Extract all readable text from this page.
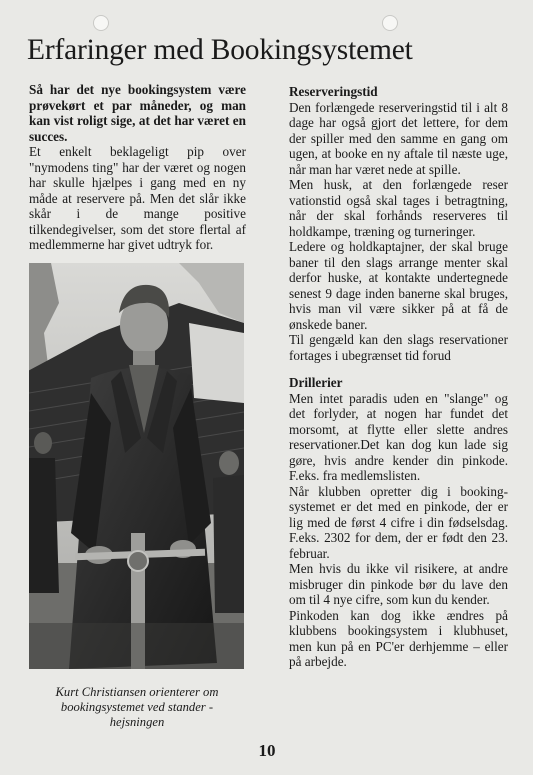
Erfaringer med Bookingsystemet

Så har det nye bookingsystem være prøvekørt et par måneder, og man kan vist roligt sige, at det har været en succes.

Et enkelt beklageligt pip over "nymodens ting" har der været og nogen har skulle hjælpes i gang med en ny måde at reservere på. Men det slår ikke skår i de mange positive tilkendegivelser, som det store flertal af medlemmerne har givet udtryk for.

Kurt Christiansen orienterer om bookingsystemet ved stander - hejsningen

Reserveringstid

Den forlængede reserveringstid til i alt 8 dage har også gjort det lettere, for dem der spiller med den samme en gang om ugen, at booke en ny aftale til næste uge, når man har været nede at spille.

Men husk, at den forlængede reser vationstid også skal tages i betragtning, når der skal forhånds reserveres til holdkampe, træning og turneringer.

Ledere og holdkaptajner, der skal bruge baner til den slags arrange menter skal derfor huske, at kontakte undertegnede senest 9 dage inden banerne skal bruges, hvis man vil være sikker på at få de ønskede baner.

Til gengæld kan den slags reservationer fortages i ubegrænset tid forud

Drillerier

Men intet paradis uden en "slange" og det forlyder, at nogen har fundet det morsomt, at flytte eller slette andres reservationer.Det kan dog kun lade sig gøre, hvis andre kender din pinkode. F.eks. fra medlemslisten.

Når klubben opretter dig i booking-systemet er det med en pinkode, der er lig med de først 4 cifre i din fødselsdag. F.eks. 2302 for dem, der er født den 23. februar.

Men hvis du ikke vil risikere, at andre misbruger din pinkode bør du lave den om til 4 nye cifre, som kun du kender.

Pinkoden kan dog ikke ændres på klubbens bookingsystem i klubhuset, men kun på en PC'er derhjemme – eller på arbejde.

10
